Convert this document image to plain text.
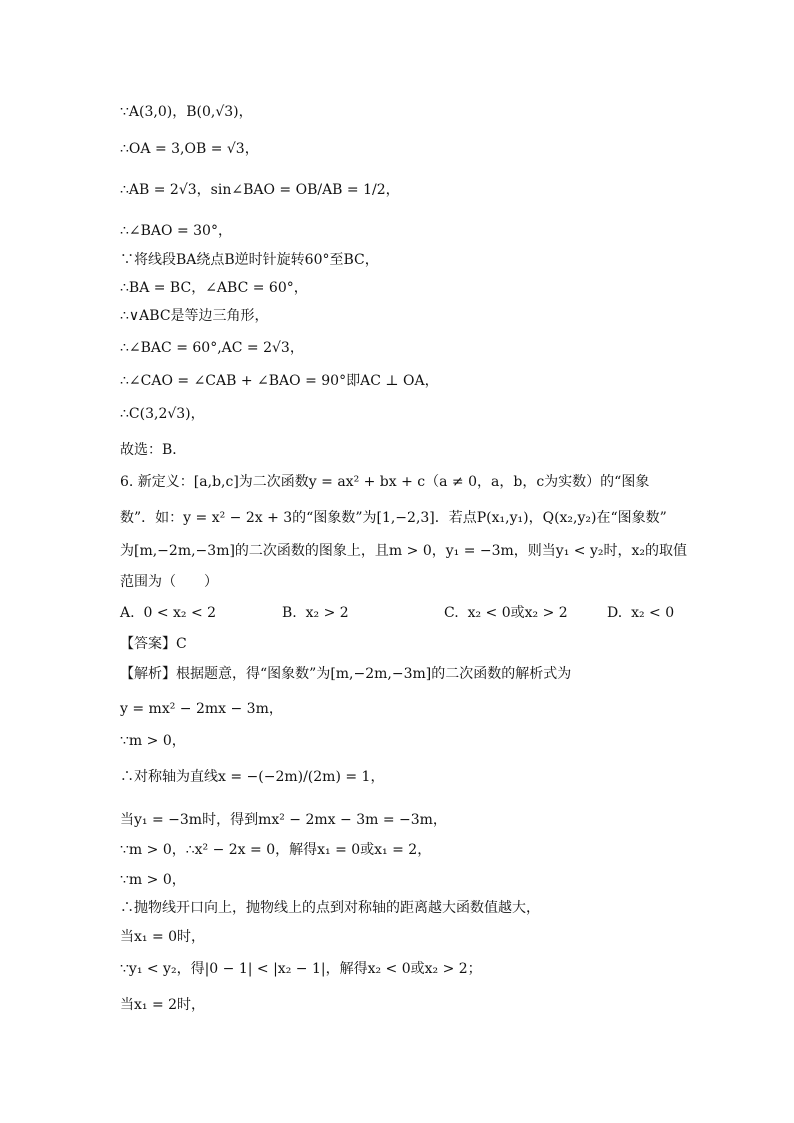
∵A(3,0)，B(0,√3)，
∴OA = 3,OB = √3，
∴AB = 2√3，sin∠BAO = OB/AB = 1/2，
∴∠BAO = 30°，
∵将线段BA绕点B逆时针旋转60°至BC，
∴BA = BC，∠ABC = 60°，
∴∨ABC是等边三角形，
∴∠BAC = 60°,AC = 2√3，
∴∠CAO = ∠CAB + ∠BAO = 90°即AC ⊥ OA，
∴C(3,2√3)，
故选：B．
6. 新定义：[a,b,c]为二次函数y = ax² + bx + c（a ≠ 0，a，b，c为实数）的“图象
数”．如：y = x² − 2x + 3的“图象数”为[1,−2,3]．若点P(x₁,y₁)，Q(x₂,y₂)在“图象数”
为[m,−2m,−3m]的二次函数的图象上，且m > 0，y₁ = −3m，则当y₁ < y₂时，x₂的取值
范围为（　　）
A.  0 < x₂ < 2	B.  x₂ > 2	C.  x₂ < 0或x₂ > 2	D.  x₂ < 0
【答案】C
【解析】根据题意，得“图象数”为[m,−2m,−3m]的二次函数的解析式为
y = mx² − 2mx − 3m，
∵m > 0，
∴对称轴为直线x = −(−2m)/(2m) = 1，
当y₁ = −3m时，得到mx² − 2mx − 3m = −3m，
∵m > 0，∴x² − 2x = 0，解得x₁ = 0或x₁ = 2，
∵m > 0，
∴抛物线开口向上，抛物线上的点到对称轴的距离越大函数值越大，
当x₁ = 0时，
∵y₁ < y₂，得|0 − 1| < |x₂ − 1|，解得x₂ < 0或x₂ > 2；
当x₁ = 2时，
